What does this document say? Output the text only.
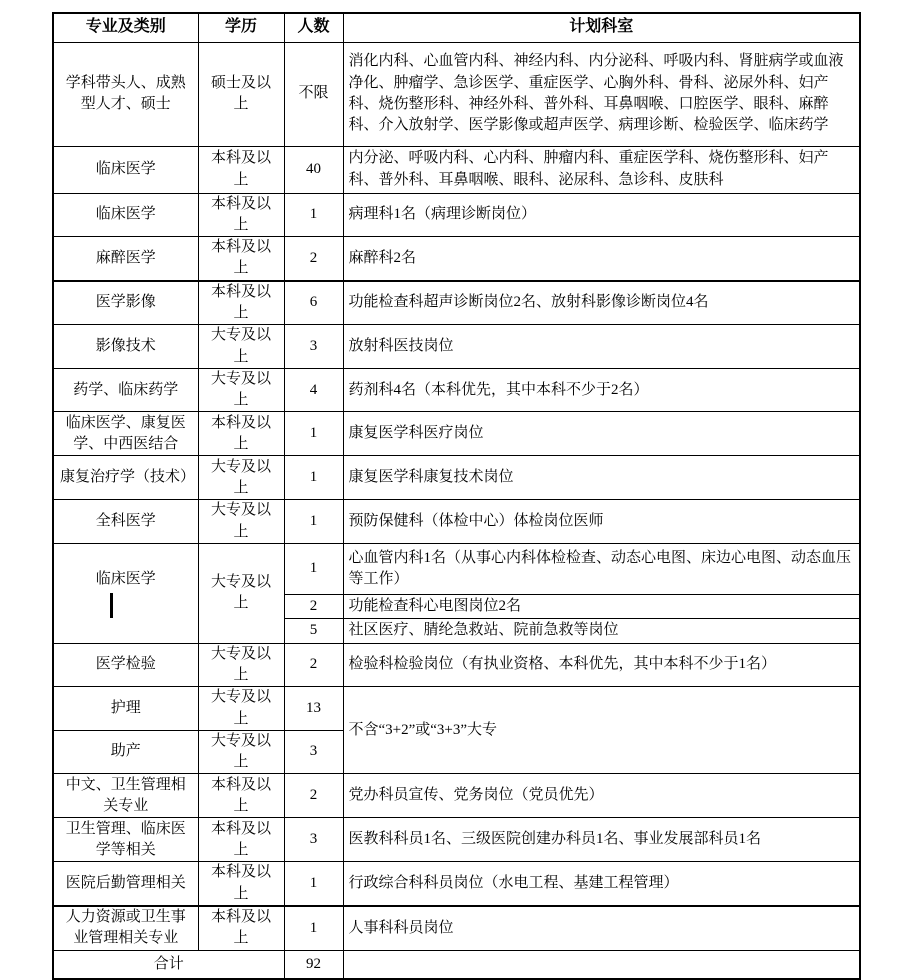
专业及类别	学历	人数	计划科室
学科带头人、成熟型人才、硕士	硕士及以上	不限	消化内科、心血管内科、神经内科、内分泌科、呼吸内科、肾脏病学或血液净化、肿瘤学、急诊医学、重症医学、心胸外科、骨科、泌尿外科、妇产科、烧伤整形科、神经外科、普外科、耳鼻咽喉、口腔医学、眼科、麻醉科、介入放射学、医学影像或超声医学、病理诊断、检验医学、临床药学
临床医学	本科及以上	40	内分泌、呼吸内科、心内科、肿瘤内科、重症医学科、烧伤整形科、妇产科、普外科、耳鼻咽喉、眼科、泌尿科、急诊科、皮肤科
临床医学	本科及以上	1	病理科1名（病理诊断岗位）
麻醉医学	本科及以上	2	麻醉科2名
医学影像	本科及以上	6	功能检查科超声诊断岗位2名、放射科影像诊断岗位4名
影像技术	大专及以上	3	放射科医技岗位
药学、临床药学	大专及以上	4	药剂科4名（本科优先，其中本科不少于2名）
临床医学、康复医学、中西医结合	本科及以上	1	康复医学科医疗岗位
康复治疗学（技术）	大专及以上	1	康复医学科康复技术岗位
全科医学	大专及以上	1	预防保健科（体检中心）体检岗位医师
临床医学	大专及以上	1	心血管内科1名（从事心内科体检检查、动态心电图、床边心电图、动态血压等工作）
		2	功能检查科心电图岗位2名
		5	社区医疗、腈纶急救站、院前急救等岗位
医学检验	大专及以上	2	检验科检验岗位（有执业资格、本科优先，其中本科不少于1名）
护理	大专及以上	13	不含“3+2”或“3+3”大专
助产	大专及以上	3	
中文、卫生管理相关专业	本科及以上	2	党办科员宣传、党务岗位（党员优先）
卫生管理、临床医学等相关	本科及以上	3	医教科科员1名、三级医院创建办科员1名、事业发展部科员1名
医院后勤管理相关	本科及以上	1	行政综合科科员岗位（水电工程、基建工程管理）
人力资源或卫生事业管理相关专业	本科及以上	1	人事科科员岗位
合计		92	
